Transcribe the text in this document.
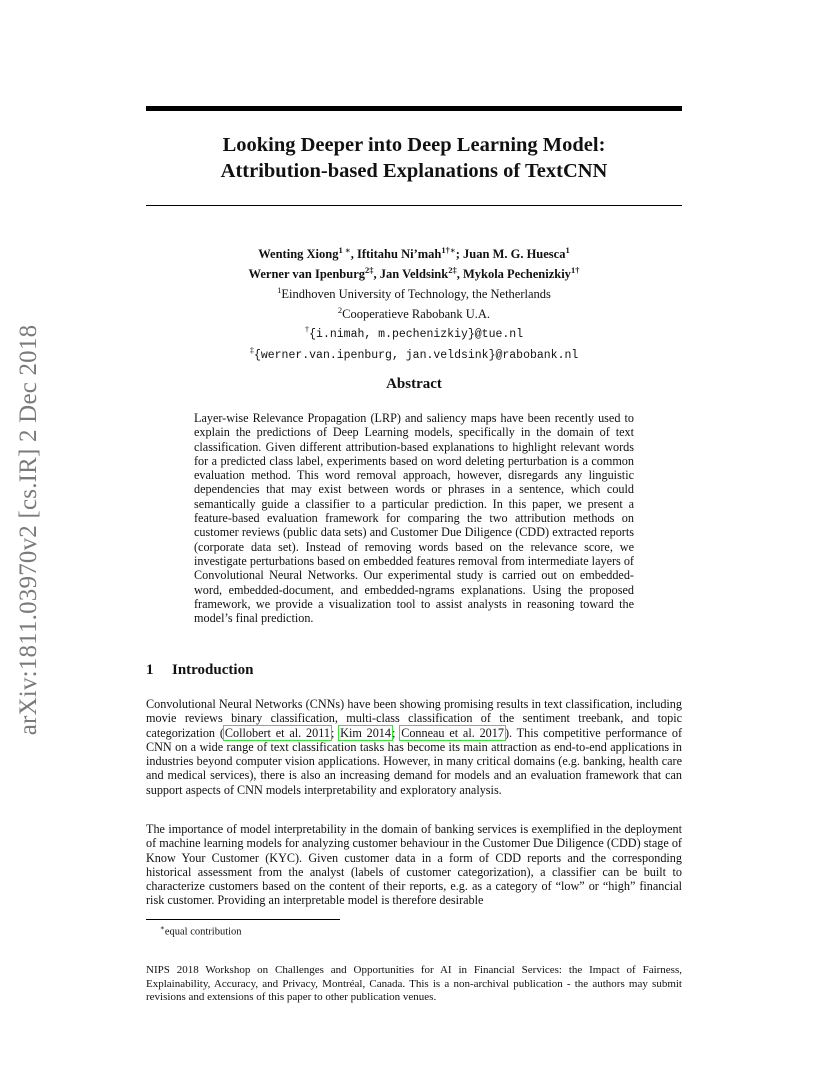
arXiv:1811.03970v2 [cs.IR] 2 Dec 2018
Looking Deeper into Deep Learning Model:
Attribution-based Explanations of TextCNN
Wenting Xiong$^{1 ∗}$, Iftitahu Ni’mah$^{1\dagger∗}$; Juan M. G. Huesca$^1$
Werner van Ipenburg$^{2\ddagger}$, Jan Veldsink$^{2\ddagger}$, Mykola Pechenizkiy$^{1\dagger}$
$^1$Eindhoven University of Technology, the Netherlands
$^2$Cooperatieve Rabobank U.A.
†{i.nimah, m.pechenizkiy}@tue.nl
‡{werner.van.ipenburg, jan.veldsink}@rabobank.nl
Abstract

Layer-wise Relevance Propagation (LRP) and saliency maps have been recently used to explain the predictions of Deep Learning models, specifically in the domain of text classification. Given different attribution-based explanations to highlight relevant words for a predicted class label, experiments based on word deleting perturbation is a common evaluation method. This word removal approach, however, disregards any linguistic dependencies that may exist between words or phrases in a sentence, which could semantically guide a classifier to a particular prediction. In this paper, we present a feature-based evaluation framework for comparing the two attribution methods on customer reviews (public data sets) and Customer Due Diligence (CDD) extracted reports (corporate data set). Instead of removing words based on the relevance score, we investigate perturbations based on embedded features removal from intermediate layers of Convolutional Neural Networks. Our experimental study is carried out on embedded-word, embedded-document, and embedded-ngrams explanations. Using the proposed framework, we provide a visualization tool to assist analysts in reasoning toward the model’s final prediction.

1 Introduction

Convolutional Neural Networks (CNNs) have been showing promising results in text classification, including movie reviews binary classification, multi-class classification of the sentiment treebank, and topic categorization (Collobert et al. 2011; Kim 2014; Conneau et al. 2017). This competitive performance of CNN on a wide range of text classification tasks has become its main attraction as end-to-end applications in industries beyond computer vision applications. However, in many critical domains (e.g. banking, health care and medical services), there is also an increasing demand for models and an evaluation framework that can support aspects of CNN models interpretability and exploratory analysis.

The importance of model interpretability in the domain of banking services is exemplified in the deployment of machine learning models for analyzing customer behaviour in the Customer Due Diligence (CDD) stage of Know Your Customer (KYC). Given customer data in a form of CDD reports and the corresponding historical assessment from the analyst (labels of customer categorization), a classifier can be built to characterize customers based on the content of their reports, e.g. as a category of “low” or “high” financial risk customer. Providing an interpretable model is therefore desirable

∗equal contribution

NIPS 2018 Workshop on Challenges and Opportunities for AI in Financial Services: the Impact of Fairness, Explainability, Accuracy, and Privacy, Montréal, Canada. This is a non-archival publication - the authors may submit revisions and extensions of this paper to other publication venues.
